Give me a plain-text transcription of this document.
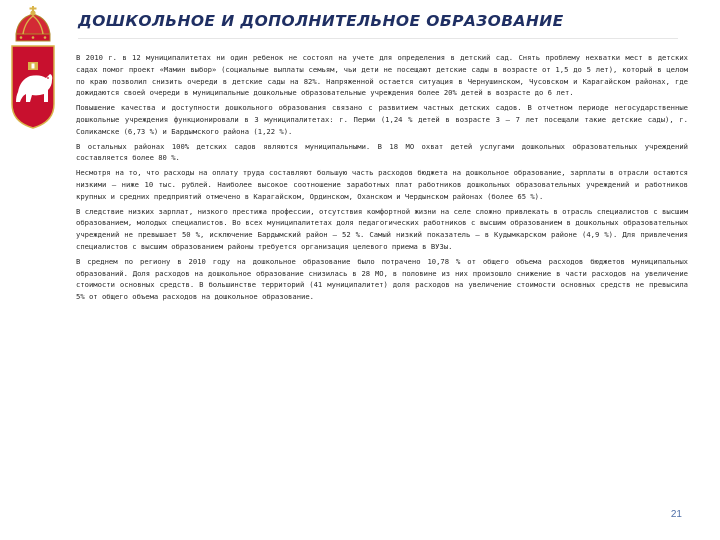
ДОШКОЛЬНОЕ И ДОПОЛНИТЕЛЬНОЕ ОБРАЗОВАНИЕ

В 2010 г. в 12 муниципалитетах ни один ребенок не состоял на учете для определения в детский сад. Снять проблему нехватки мест в детских садах помог проект «Мамин выбор» (социальные выплаты семьям, чьи дети не посещают детские сады в возрасте от 1,5 до 5 лет), который в целом по краю позволил снизить очереди в детские сады на 82%. Напряженной остается ситуация в Чернушинском, Чусовском и Карагайском районах, где дожидаются своей очереди в муниципальные дошкольные образовательные учреждения более 20% детей в возрасте до 6 лет.

Повышение качества и доступности дошкольного образования связано с развитием частных детских садов. В отчетном периоде негосударственные дошкольные учреждения функционировали в 3 муниципалитетах: г. Перми (1,24 % детей в возрасте 3 – 7 лет посещали такие детские сады), г. Соликамске (6,73 %) и Бардымского района (1,22 %).

В остальных районах 100% детских садов являются муниципальными. В 18 МО охват детей услугами дошкольных образовательных учреждений составляется более 80 %.

Несмотря на то, что расходы на оплату труда составляют большую часть расходов бюджета на дошкольное образование, зарплаты в отрасли остаются низкими – ниже 10 тыс. рублей. Наиболее высокое соотношение заработных плат работников дошкольных образовательных учреждений и работников крупных и средних предприятий отмечено в Карагайском, Ординском, Оханском и Чердынском районах (более 65 %).

В следствие низких зарплат, низкого престижа профессии, отсутствия комфортной жизни на селе сложно привлекать в отрасль специалистов с высшим образованием, молодых специалистов. Во всех муниципалитетах доля педагогических работников с высшим образованием в дошкольных образовательных учреждений не превышает 50 %, исключение Бардымский район – 52 %. Самый низкий показатель – в Кудымкарском районе (4,9 %). Для привлечения специалистов с высшим образованием районы требуется организация целевого приема в ВУЗы.

В среднем по региону в 2010 году на дошкольное образование было потрачено 10,78 % от общего объема расходов бюджетов муниципальных образований. Доля расходов на дошкольное образование снизилась в 28 МО, в половине из них произошло снижение в части расходов на увеличение стоимости основных средств. В большинстве территорий (41 муниципалитет) доля расходов на увеличение стоимости основных средств не превысила 5% от общего объема расходов на дошкольное образование.

21
